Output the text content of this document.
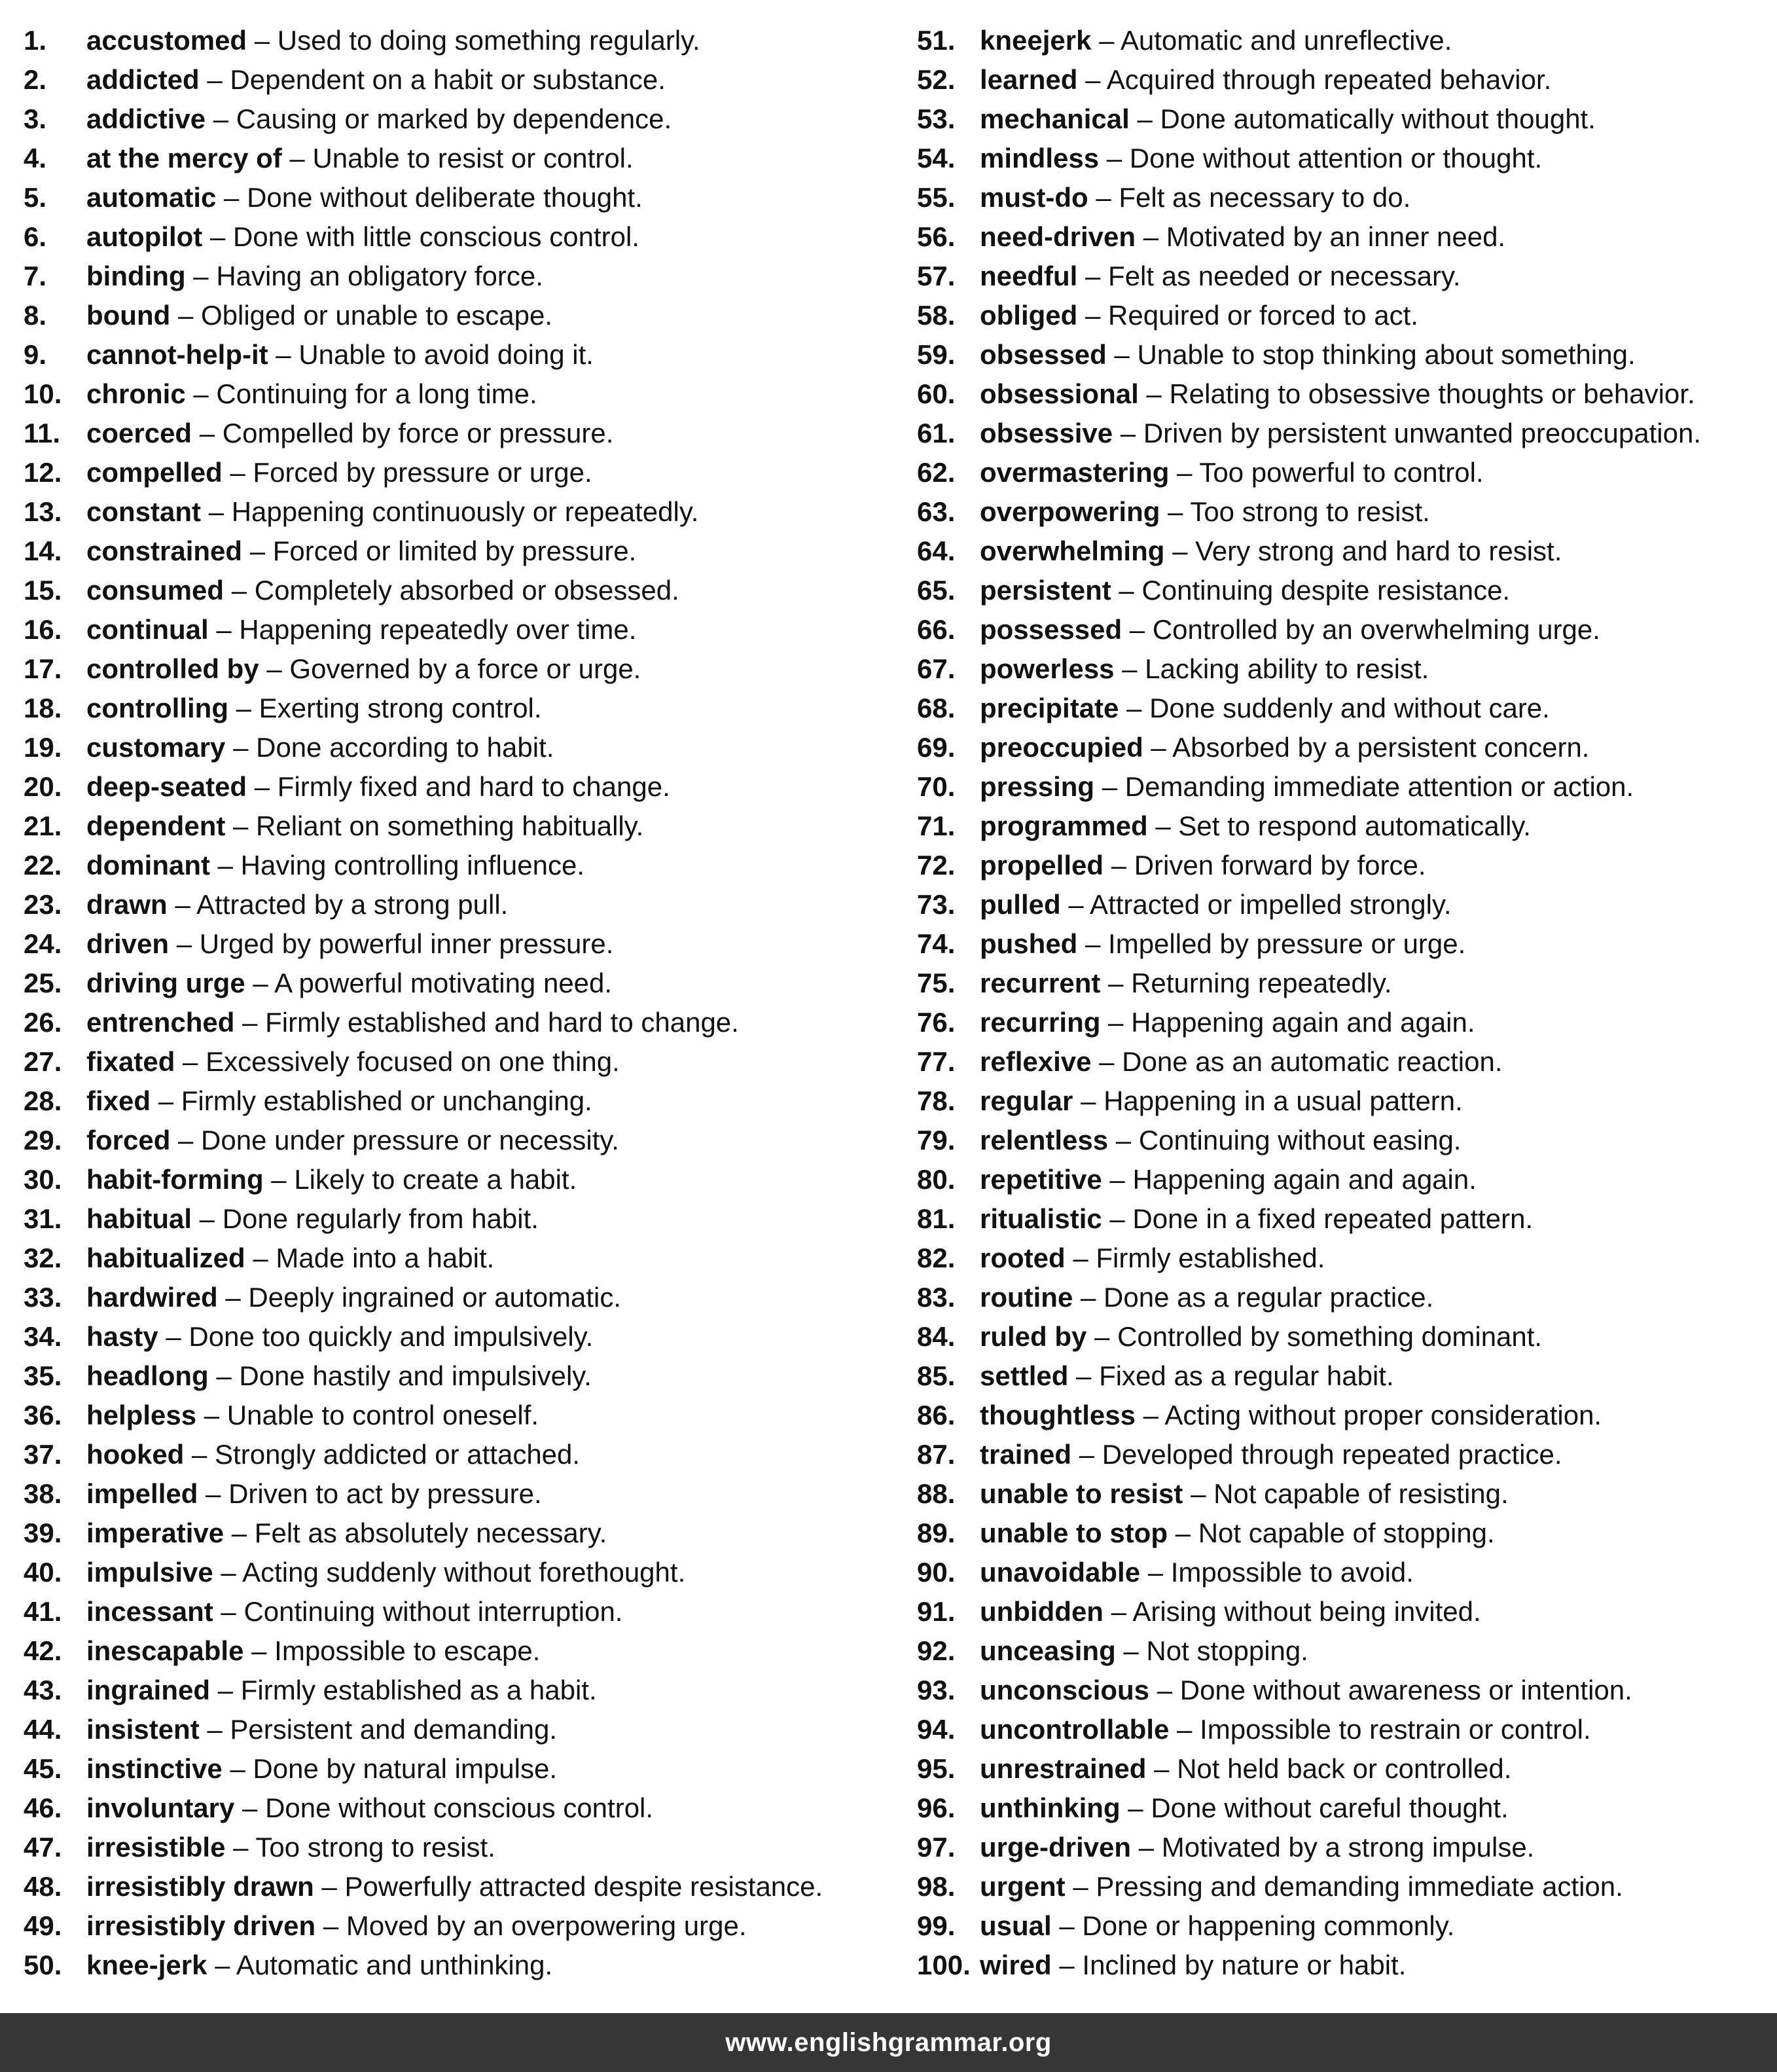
1. accustomed – Used to doing something regularly.
2. addicted – Dependent on a habit or substance.
3. addictive – Causing or marked by dependence.
4. at the mercy of – Unable to resist or control.
5. automatic – Done without deliberate thought.
6. autopilot – Done with little conscious control.
7. binding – Having an obligatory force.
8. bound – Obliged or unable to escape.
9. cannot-help-it – Unable to avoid doing it.
10. chronic – Continuing for a long time.
11. coerced – Compelled by force or pressure.
12. compelled – Forced by pressure or urge.
13. constant – Happening continuously or repeatedly.
14. constrained – Forced or limited by pressure.
15. consumed – Completely absorbed or obsessed.
16. continual – Happening repeatedly over time.
17. controlled by – Governed by a force or urge.
18. controlling – Exerting strong control.
19. customary – Done according to habit.
20. deep-seated – Firmly fixed and hard to change.
21. dependent – Reliant on something habitually.
22. dominant – Having controlling influence.
23. drawn – Attracted by a strong pull.
24. driven – Urged by powerful inner pressure.
25. driving urge – A powerful motivating need.
26. entrenched – Firmly established and hard to change.
27. fixated – Excessively focused on one thing.
28. fixed – Firmly established or unchanging.
29. forced – Done under pressure or necessity.
30. habit-forming – Likely to create a habit.
31. habitual – Done regularly from habit.
32. habitualized – Made into a habit.
33. hardwired – Deeply ingrained or automatic.
34. hasty – Done too quickly and impulsively.
35. headlong – Done hastily and impulsively.
36. helpless – Unable to control oneself.
37. hooked – Strongly addicted or attached.
38. impelled – Driven to act by pressure.
39. imperative – Felt as absolutely necessary.
40. impulsive – Acting suddenly without forethought.
41. incessant – Continuing without interruption.
42. inescapable – Impossible to escape.
43. ingrained – Firmly established as a habit.
44. insistent – Persistent and demanding.
45. instinctive – Done by natural impulse.
46. involuntary – Done without conscious control.
47. irresistible – Too strong to resist.
48. irresistibly drawn – Powerfully attracted despite resistance.
49. irresistibly driven – Moved by an overpowering urge.
50. knee-jerk – Automatic and unthinking.
51. kneejerk – Automatic and unreflective.
52. learned – Acquired through repeated behavior.
53. mechanical – Done automatically without thought.
54. mindless – Done without attention or thought.
55. must-do – Felt as necessary to do.
56. need-driven – Motivated by an inner need.
57. needful – Felt as needed or necessary.
58. obliged – Required or forced to act.
59. obsessed – Unable to stop thinking about something.
60. obsessional – Relating to obsessive thoughts or behavior.
61. obsessive – Driven by persistent unwanted preoccupation.
62. overmastering – Too powerful to control.
63. overpowering – Too strong to resist.
64. overwhelming – Very strong and hard to resist.
65. persistent – Continuing despite resistance.
66. possessed – Controlled by an overwhelming urge.
67. powerless – Lacking ability to resist.
68. precipitate – Done suddenly and without care.
69. preoccupied – Absorbed by a persistent concern.
70. pressing – Demanding immediate attention or action.
71. programmed – Set to respond automatically.
72. propelled – Driven forward by force.
73. pulled – Attracted or impelled strongly.
74. pushed – Impelled by pressure or urge.
75. recurrent – Returning repeatedly.
76. recurring – Happening again and again.
77. reflexive – Done as an automatic reaction.
78. regular – Happening in a usual pattern.
79. relentless – Continuing without easing.
80. repetitive – Happening again and again.
81. ritualistic – Done in a fixed repeated pattern.
82. rooted – Firmly established.
83. routine – Done as a regular practice.
84. ruled by – Controlled by something dominant.
85. settled – Fixed as a regular habit.
86. thoughtless – Acting without proper consideration.
87. trained – Developed through repeated practice.
88. unable to resist – Not capable of resisting.
89. unable to stop – Not capable of stopping.
90. unavoidable – Impossible to avoid.
91. unbidden – Arising without being invited.
92. unceasing – Not stopping.
93. unconscious – Done without awareness or intention.
94. uncontrollable – Impossible to restrain or control.
95. unrestrained – Not held back or controlled.
96. unthinking – Done without careful thought.
97. urge-driven – Motivated by a strong impulse.
98. urgent – Pressing and demanding immediate action.
99. usual – Done or happening commonly.
100. wired – Inclined by nature or habit.
www.englishgrammar.org
